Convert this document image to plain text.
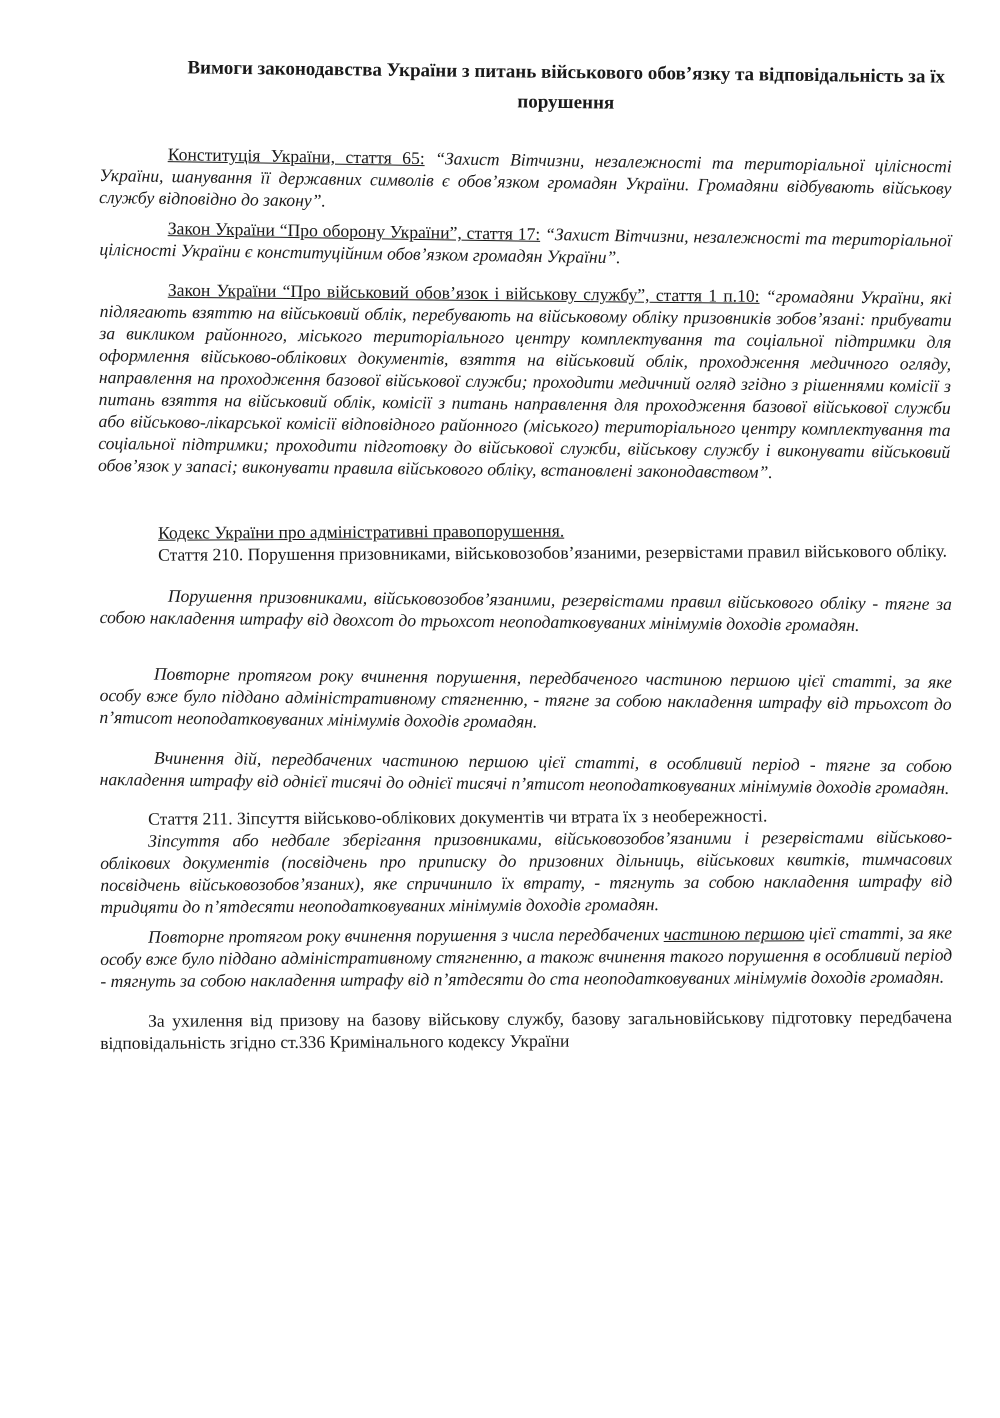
Вимоги законодавства України з питань військового обов’язку та відповідальність за їх порушення

Конституція України, стаття 65: “Захист Вітчизни, незалежності та територіальної цілісності України, шанування її державних символів є обов’язком громадян України. Громадяни відбувають військову службу відповідно до закону”.

Закон України “Про оборону України”, стаття 17: “Захист Вітчизни, незалежності та територіальної цілісності України є конституційним обов’язком громадян України”.

Закон України “Про військовий обов’язок і військову службу”, стаття 1 п.10: “громадяни України, які підлягають взяттю на військовий облік, перебувають на військовому обліку призовників зобов’язані: прибувати за викликом районного, міського територіального центру комплектування та соціальної підтримки для оформлення військово-облікових документів, взяття на військовий облік, проходження медичного огляду, направлення на проходження базової військової служби; проходити медичний огляд згідно з рішеннями комісії з питань взяття на військовий облік, комісії з питань направлення для проходження базової військової служби або військово-лікарської комісії відповідного районного (міського) територіального центру комплектування та соціальної підтримки; проходити підготовку до військової служби, військову службу і виконувати військовий обов’язок у запасі; виконувати правила військового обліку, встановлені законодавством”.

Кодекс України про адміністративні правопорушення.

Стаття 210. Порушення призовниками, військовозобов’язаними, резервістами правил військового обліку.

Порушення призовниками, військовозобов’язаними, резервістами правил військового обліку - тягне за собою накладення штрафу від двохсот до трьохсот неоподатковуваних мінімумів доходів громадян.

Повторне протягом року вчинення порушення, передбаченого частиною першою цієї статті, за яке особу вже було піддано адміністративному стягненню, - тягне за собою накладення штрафу від трьохсот до п’ятисот неоподатковуваних мінімумів доходів громадян.

Вчинення дій, передбачених частиною першою цієї статті, в особливий період - тягне за собою накладення штрафу від однієї тисячі до однієї тисячі п’ятисот неоподатковуваних мінімумів доходів громадян.

Стаття 211. Зіпсуття військово-облікових документів чи втрата їх з необережності.

Зіпсуття або недбале зберігання призовниками, військовозобов’язаними і резервістами військово-облікових документів (посвідчень про приписку до призовних дільниць, військових квитків, тимчасових посвідчень військовозобов’язаних), яке спричинило їх втрату, - тягнуть за собою накладення штрафу від тридцяти до п’ятдесяти неоподатковуваних мінімумів доходів громадян.

Повторне протягом року вчинення порушення з числа передбачених частиною першою цієї статті, за яке особу вже було піддано адміністративному стягненню, а також вчинення такого порушення в особливий період - тягнуть за собою накладення штрафу від п’ятдесяти до ста неоподатковуваних мінімумів доходів громадян.

За ухилення від призову на базову військову службу, базову загальновійськову підготовку передбачена відповідальність згідно ст.336 Кримінального кодексу України
